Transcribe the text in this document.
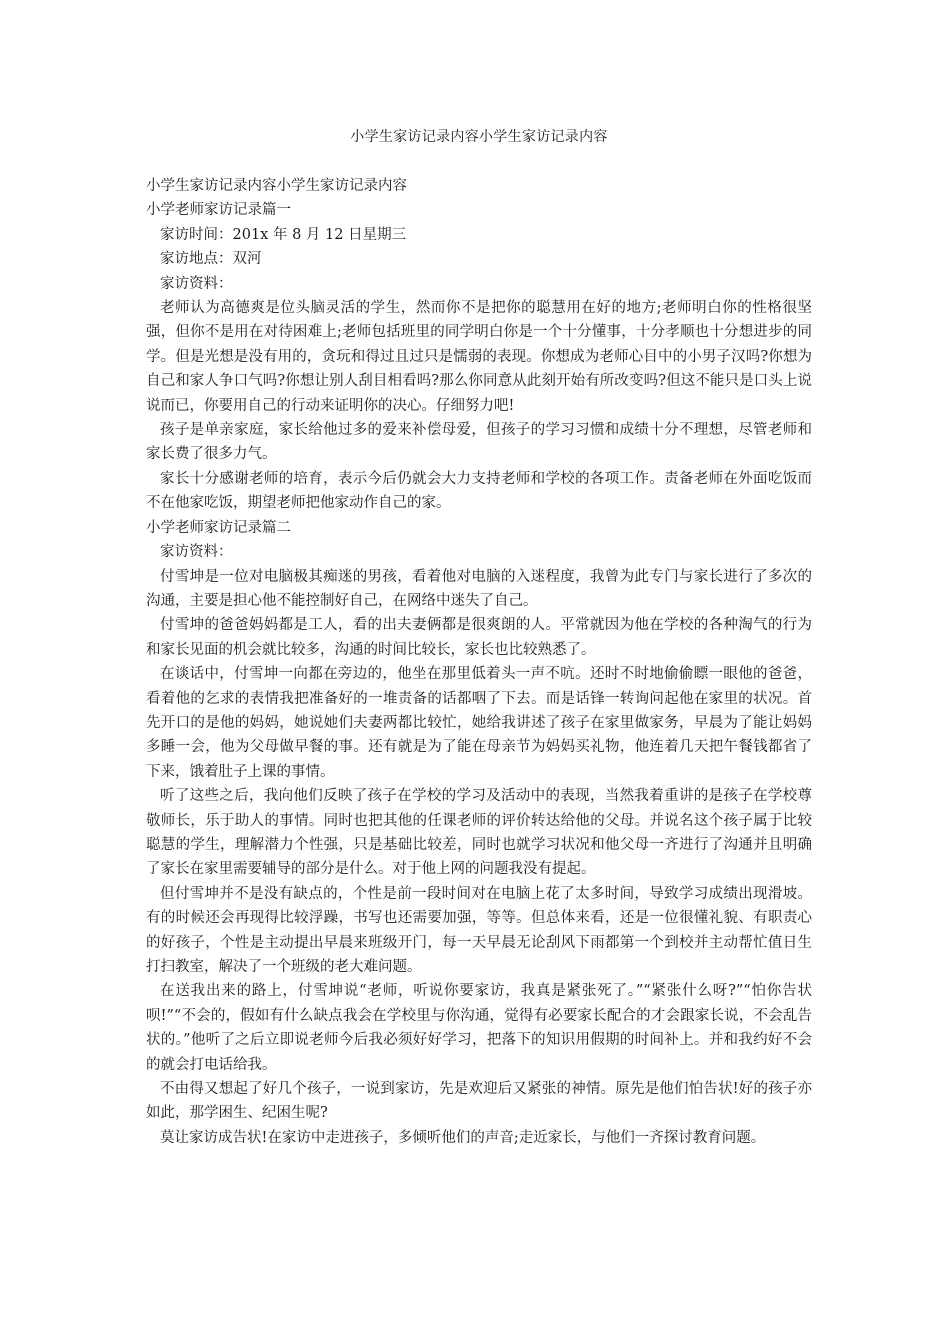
小学生家访记录内容小学生家访记录内容

小学生家访记录内容小学生家访记录内容

小学老师家访记录篇一

家访时间：201x 年 8 月 12 日星期三

家访地点：双河

家访资料：

老师认为高德爽是位头脑灵活的学生，然而你不是把你的聪慧用在好的地方;老师明白你的性格很坚强，但你不是用在对待困难上;老师包括班里的同学明白你是一个十分懂事，十分孝顺也十分想进步的同学。但是光想是没有用的，贪玩和得过且过只是懦弱的表现。你想成为老师心目中的小男子汉吗?你想为自己和家人争口气吗?你想让别人刮目相看吗?那么你同意从此刻开始有所改变吗?但这不能只是口头上说说而已，你要用自己的行动来证明你的决心。仔细努力吧!

孩子是单亲家庭，家长给他过多的爱来补偿母爱，但孩子的学习习惯和成绩十分不理想，尽管老师和家长费了很多力气。

家长十分感谢老师的培育，表示今后仍就会大力支持老师和学校的各项工作。责备老师在外面吃饭而不在他家吃饭，期望老师把他家动作自己的家。

小学老师家访记录篇二

家访资料：

付雪坤是一位对电脑极其痴迷的男孩，看着他对电脑的入迷程度，我曾为此专门与家长进行了多次的沟通，主要是担心他不能控制好自己，在网络中迷失了自己。

付雪坤的爸爸妈妈都是工人，看的出夫妻俩都是很爽朗的人。平常就因为他在学校的各种淘气的行为和家长见面的机会就比较多，沟通的时间比较长，家长也比较熟悉了。

在谈话中，付雪坤一向都在旁边的，他坐在那里低着头一声不吭。还时不时地偷偷瞟一眼他的爸爸，看着他的乞求的表情我把准备好的一堆责备的话都咽了下去。而是话锋一转询问起他在家里的状况。首先开口的是他的妈妈，她说她们夫妻两都比较忙，她给我讲述了孩子在家里做家务，早晨为了能让妈妈多睡一会，他为父母做早餐的事。还有就是为了能在母亲节为妈妈买礼物，他连着几天把午餐钱都省了下来，饿着肚子上课的事情。

听了这些之后，我向他们反映了孩子在学校的学习及活动中的表现，当然我着重讲的是孩子在学校尊敬师长，乐于助人的事情。同时也把其他的任课老师的评价转达给他的父母。并说名这个孩子属于比较聪慧的学生，理解潜力个性强，只是基础比较差，同时也就学习状况和他父母一齐进行了沟通并且明确了家长在家里需要辅导的部分是什么。对于他上网的问题我没有提起。

但付雪坤并不是没有缺点的，个性是前一段时间对在电脑上花了太多时间，导致学习成绩出现滑坡。有的时候还会再现得比较浮躁，书写也还需要加强，等等。但总体来看，还是一位很懂礼貌、有职责心的好孩子，个性是主动提出早晨来班级开门，每一天早晨无论刮风下雨都第一个到校并主动帮忙值日生打扫教室，解决了一个班级的老大难问题。

在送我出来的路上，付雪坤说“老师，听说你要家访，我真是紧张死了。”“紧张什么呀?”“怕你告状呗!”“不会的，假如有什么缺点我会在学校里与你沟通，觉得有必要家长配合的才会跟家长说，不会乱告状的。”他听了之后立即说老师今后我必须好好学习，把落下的知识用假期的时间补上。并和我约好不会的就会打电话给我。

不由得又想起了好几个孩子，一说到家访，先是欢迎后又紧张的神情。原先是他们怕告状!好的孩子亦如此，那学困生、纪困生呢?

莫让家访成告状!在家访中走进孩子，多倾听他们的声音;走近家长，与他们一齐探讨教育问题。
